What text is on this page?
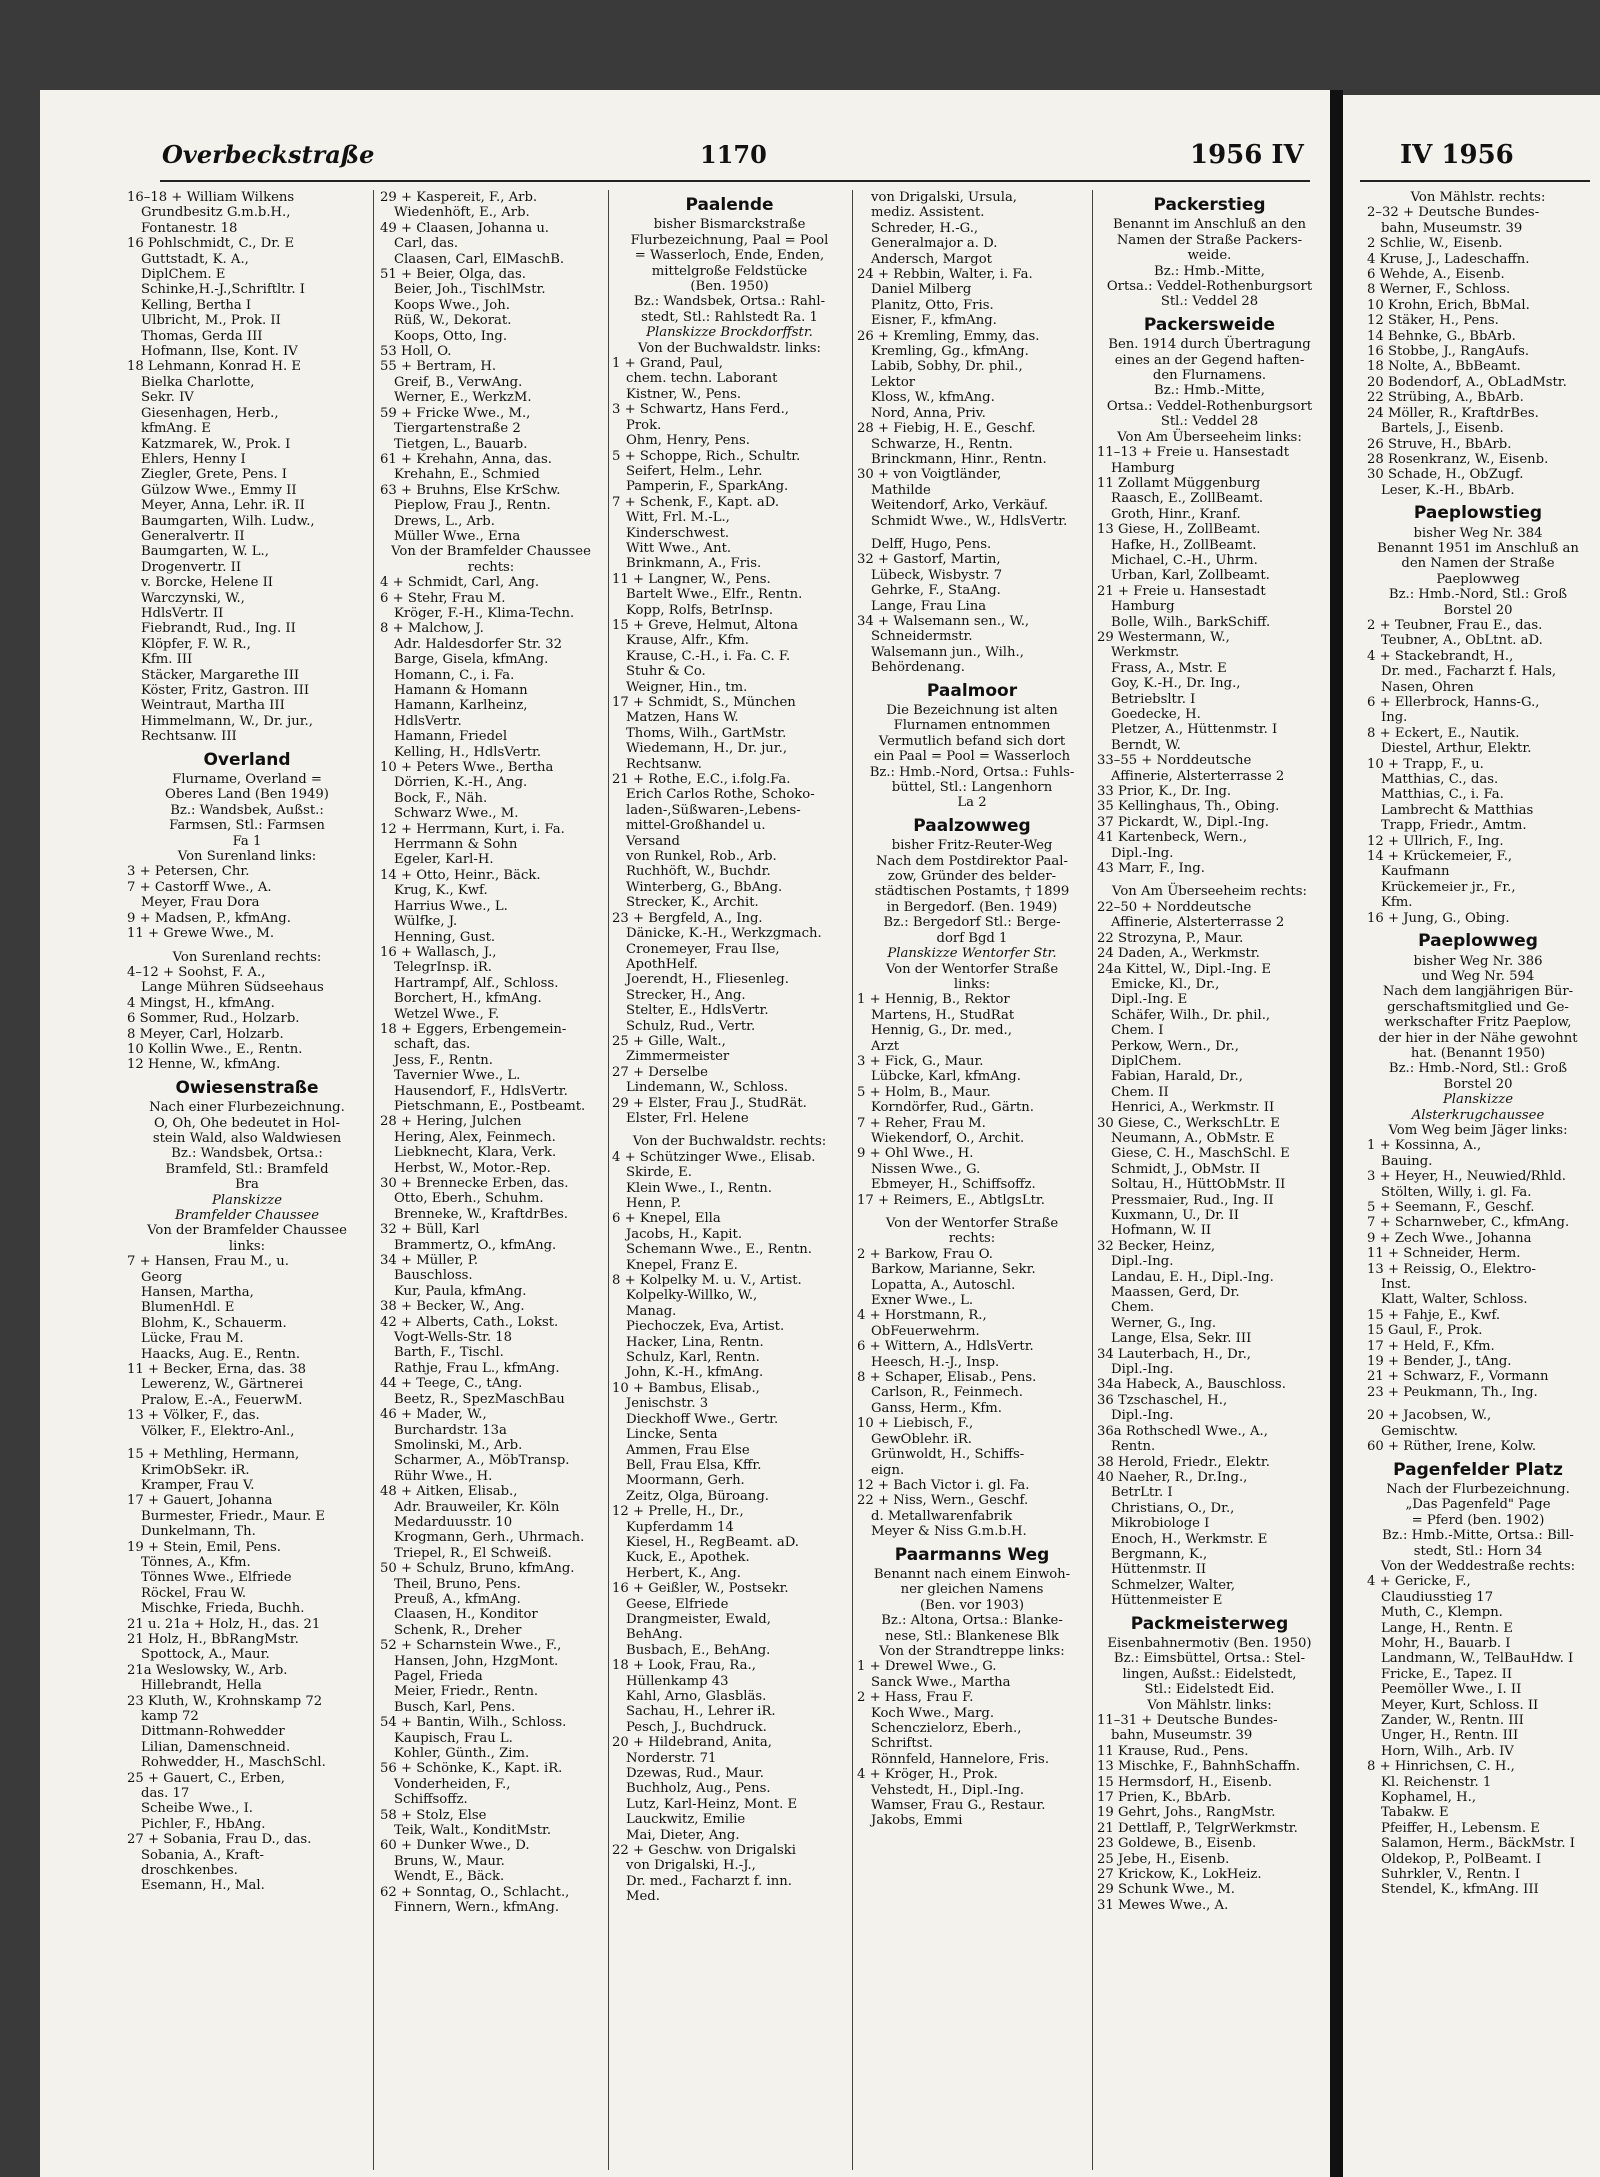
Overbeckstraße	1170	1956 IV	IV 1956
16–18 + William Wilkens
Grundbesitz G.m.b.H.,
Fontanestr. 18
16 Pohlschmidt, C., Dr. E
Guttstadt, K. A.,
DiplChem. E
Schinke,H.-J.,Schriftltr. I
Kelling, Bertha I
Ulbricht, M., Prok. II
Thomas, Gerda III
Hofmann, Ilse, Kont. IV
18 Lehmann, Konrad H. E
Bielka Charlotte,
Sekr. IV
Giesenhagen, Herb.,
kfmAng. E
Katzmarek, W., Prok. I
Ehlers, Henny I
Ziegler, Grete, Pens. I
Gülzow Wwe., Emmy II
Meyer, Anna, Lehr. iR. II
Baumgarten, Wilh. Ludw.,
Generalvertr. II
Baumgarten, W. L.,
Drogenvertr. II
v. Borcke, Helene II
Warczynski, W.,
HdlsVertr. II
Fiebrandt, Rud., Ing. II
Klöpfer, F. W. R.,
Kfm. III
Stäcker, Margarethe III
Köster, Fritz, Gastron. III
Weintraut, Martha III
Himmelmann, W., Dr. jur.,
Rechtsanw. III
Overland
Flurname, Overland =
Oberes Land (Ben 1949)
Bz.: Wandsbek, Außst.:
Farmsen, Stl.: Farmsen
Fa 1
Von Surenland links:
3 + Petersen, Chr.
7 + Castorff Wwe., A.
Meyer, Frau Dora
9 + Madsen, P., kfmAng.
11 + Grewe Wwe., M.
Von Surenland rechts:
4–12 + Soohst, F. A.,
Lange Mühren Südseehaus
4 Mingst, H., kfmAng.
6 Sommer, Rud., Holzarb.
8 Meyer, Carl, Holzarb.
10 Kollin Wwe., E., Rentn.
12 Henne, W., kfmAng.
Owiesenstraße
Nach einer Flurbezeichnung.
O, Oh, Ohe bedeutet in Hol-
stein Wald, also Waldwiesen
Bz.: Wandsbek, Ortsa.:
Bramfeld, Stl.: Bramfeld
Bra
Planskizze
Bramfelder Chaussee
Von der Bramfelder Chaussee
links:
7 + Hansen, Frau M., u.
Georg
Hansen, Martha,
BlumenHdl. E
Blohm, K., Schauerm.
Lücke, Frau M.
Haacks, Aug. E., Rentn.
11 + Becker, Erna, das. 38
Lewerenz, W., Gärtnerei
Pralow, E.-A., FeuerwM.
13 + Völker, F., das.
Völker, F., Elektro-Anl.,
15 + Methling, Hermann,
KrimObSekr. iR.
Kramper, Frau V.
17 + Gauert, Johanna
Burmester, Friedr., Maur. E
Dunkelmann, Th.
19 + Stein, Emil, Pens.
Tönnes, A., Kfm.
Tönnes Wwe., Elfriede
Röckel, Frau W.
Mischke, Frieda, Buchh.
21 u. 21a + Holz, H., das. 21
21 Holz, H., BbRangMstr.
Spottock, A., Maur.
21a Weslowsky, W., Arb.
Hillebrandt, Hella
23 Kluth, W., Krohnskamp 72
kamp 72
Dittmann-Rohwedder
Lilian, Damenschneid.
Rohwedder, H., MaschSchl.
25 + Gauert, C., Erben,
das. 17
Scheibe Wwe., I.
Pichler, F., HbAng.
27 + Sobania, Frau D., das.
Sobania, A., Kraft-
droschkenbes.
Esemann, H., Mal.
29 + Kaspereit, F., Arb.
Wiedenhöft, E., Arb.
49 + Claasen, Johanna u.
Carl, das.
Claasen, Carl, ElMaschB.
51 + Beier, Olga, das.
Beier, Joh., TischlMstr.
Koops Wwe., Joh.
Rüß, W., Dekorat.
Koops, Otto, Ing.
53 Holl, O.
55 + Bertram, H.
Greif, B., VerwAng.
Werner, E., WerkzM.
59 + Fricke Wwe., M.,
Tiergartenstraße 2
Tietgen, L., Bauarb.
61 + Krehahn, Anna, das.
Krehahn, E., Schmied
63 + Bruhns, Else KrSchw.
Pieplow, Frau J., Rentn.
Drews, L., Arb.
Müller Wwe., Erna
Von der Bramfelder Chaussee
rechts:
4 + Schmidt, Carl, Ang.
6 + Stehr, Frau M.
Kröger, F.-H., Klima-Techn.
8 + Malchow, J.
Adr. Haldesdorfer Str. 32
Barge, Gisela, kfmAng.
Homann, C., i. Fa.
Hamann & Homann
Hamann, Karlheinz,
HdlsVertr.
Hamann, Friedel
Kelling, H., HdlsVertr.
10 + Peters Wwe., Bertha
Dörrien, K.-H., Ang.
Bock, F., Näh.
Schwarz Wwe., M.
12 + Herrmann, Kurt, i. Fa.
Herrmann & Sohn
Egeler, Karl-H.
14 + Otto, Heinr., Bäck.
Krug, K., Kwf.
Harrius Wwe., L.
Wülfke, J.
Henning, Gust.
16 + Wallasch, J.,
TelegrInsp. iR.
Hartrampf, Alf., Schloss.
Borchert, H., kfmAng.
Wetzel Wwe., F.
18 + Eggers, Erbengemein-
schaft, das.
Jess, F., Rentn.
Tavernier Wwe., L.
Hausendorf, F., HdlsVertr.
Pietschmann, E., Postbeamt.
28 + Hering, Julchen
Hering, Alex, Feinmech.
Liebknecht, Klara, Verk.
Herbst, W., Motor.-Rep.
30 + Brennecke Erben, das.
Otto, Eberh., Schuhm.
Brenneke, W., KraftdrBes.
32 + Büll, Karl
Brammertz, O., kfmAng.
34 + Müller, P.
Bauschloss.
Kur, Paula, kfmAng.
38 + Becker, W., Ang.
42 + Alberts, Cath., Lokst.
Vogt-Wells-Str. 18
Barth, F., Tischl.
Rathje, Frau L., kfmAng.
44 + Teege, C., tAng.
Beetz, R., SpezMaschBau
46 + Mader, W.,
Burchardstr. 13a
Smolinski, M., Arb.
Scharmer, A., MöbTransp.
Rühr Wwe., H.
48 + Aitken, Elisab.,
Adr. Brauweiler, Kr. Köln
Medarduusstr. 10
Krogmann, Gerh., Uhrmach.
Triepel, R., El Schweiß.
50 + Schulz, Bruno, kfmAng.
Theil, Bruno, Pens.
Preuß, A., kfmAng.
Claasen, H., Konditor
Schenk, R., Dreher
52 + Scharnstein Wwe., F.,
Hansen, John, HzgMont.
Pagel, Frieda
Meier, Friedr., Rentn.
Busch, Karl, Pens.
54 + Bantin, Wilh., Schloss.
Kaupisch, Frau L.
Kohler, Günth., Zim.
56 + Schönke, K., Kapt. iR.
Vonderheiden, F.,
Schiffsoffz.
58 + Stolz, Else
Teik, Walt., KonditMstr.
60 + Dunker Wwe., D.
Bruns, W., Maur.
Wendt, E., Bäck.
62 + Sonntag, O., Schlacht.,
Finnern, Wern., kfmAng.
Paalende
bisher Bismarckstraße
Flurbezeichnung, Paal = Pool
= Wasserloch, Ende, Enden,
mittelgroße Feldstücke
(Ben. 1950)
Bz.: Wandsbek, Ortsa.: Rahl-
stedt, Stl.: Rahlstedt Ra. 1
Planskizze Brockdorffstr.
Von der Buchwaldstr. links:
1 + Grand, Paul,
chem. techn. Laborant
Kistner, W., Pens.
3 + Schwartz, Hans Ferd.,
Prok.
Ohm, Henry, Pens.
5 + Schoppe, Rich., Schultr.
Seifert, Helm., Lehr.
Pamperin, F., SparkAng.
7 + Schenk, F., Kapt. aD.
Witt, Frl. M.-L.,
Kinderschwest.
Witt Wwe., Ant.
Brinkmann, A., Fris.
11 + Langner, W., Pens.
Bartelt Wwe., Elfr., Rentn.
Kopp, Rolfs, BetrInsp.
15 + Greve, Helmut, Altona
Krause, Alfr., Kfm.
Krause, C.-H., i. Fa. C. F.
Stuhr & Co.
Weigner, Hin., tm.
17 + Schmidt, S., München
Matzen, Hans W.
Thoms, Wilh., GartMstr.
Wiedemann, H., Dr. jur.,
Rechtsanw.
21 + Rothe, E.C., i.folg.Fa.
Erich Carlos Rothe, Schoko-
laden-,Süßwaren-,Lebens-
mittel-Großhandel u.
Versand
von Runkel, Rob., Arb.
Ruchhöft, W., Buchdr.
Winterberg, G., BbAng.
Strecker, K., Archit.
23 + Bergfeld, A., Ing.
Dänicke, K.-H., Werkzgmach.
Cronemeyer, Frau Ilse,
ApothHelf.
Joerendt, H., Fliesenleg.
Strecker, H., Ang.
Stelter, E., HdlsVertr.
Schulz, Rud., Vertr.
25 + Gille, Walt.,
Zimmermeister
27 + Derselbe
Lindemann, W., Schloss.
29 + Elster, Frau J., StudRät.
Elster, Frl. Helene
Von der Buchwaldstr. rechts:
4 + Schützinger Wwe., Elisab.
Skirde, E.
Klein Wwe., I., Rentn.
Henn, P.
6 + Knepel, Ella
Jacobs, H., Kapit.
Schemann Wwe., E., Rentn.
Knepel, Franz E.
8 + Kolpelky M. u. V., Artist.
Kolpelky-Willko, W.,
Manag.
Piechoczek, Eva, Artist.
Hacker, Lina, Rentn.
Schulz, Karl, Rentn.
John, K.-H., kfmAng.
10 + Bambus, Elisab.,
Jenischstr. 3
Dieckhoff Wwe., Gertr.
Lincke, Senta
Ammen, Frau Else
Bell, Frau Elsa, Kffr.
Moormann, Gerh.
Zeitz, Olga, Büroang.
12 + Prelle, H., Dr.,
Kupferdamm 14
Kiesel, H., RegBeamt. aD.
Kuck, E., Apothek.
Herbert, K., Ang.
16 + Geißler, W., Postsekr.
Geese, Elfriede
Drangmeister, Ewald,
BehAng.
Busbach, E., BehAng.
18 + Look, Frau, Ra.,
Hüllenkamp 43
Kahl, Arno, Glasbläs.
Sachau, H., Lehrer iR.
Pesch, J., Buchdruck.
20 + Hildebrand, Anita,
Norderstr. 71
Dzewas, Rud., Maur.
Buchholz, Aug., Pens.
Lutz, Karl-Heinz, Mont. E
Lauckwitz, Emilie
Mai, Dieter, Ang.
22 + Geschw. von Drigalski
von Drigalski, H.-J.,
Dr. med., Facharzt f. inn.
Med.
von Drigalski, Ursula,
mediz. Assistent.
Schreder, H.-G.,
Generalmajor a. D.
Andersch, Margot
24 + Rebbin, Walter, i. Fa.
Daniel Milberg
Planitz, Otto, Fris.
Eisner, F., kfmAng.
26 + Kremling, Emmy, das.
Kremling, Gg., kfmAng.
Labib, Sobhy, Dr. phil.,
Lektor
Kloss, W., kfmAng.
Nord, Anna, Priv.
28 + Fiebig, H. E., Geschf.
Schwarze, H., Rentn.
Brinckmann, Hinr., Rentn.
30 + von Voigtländer,
Mathilde
Weitendorf, Arko, Verkäuf.
Schmidt Wwe., W., HdlsVertr.
Delff, Hugo, Pens.
32 + Gastorf, Martin,
Lübeck, Wisbystr. 7
Gehrke, F., StaAng.
Lange, Frau Lina
34 + Walsemann sen., W.,
Schneidermstr.
Walsemann jun., Wilh.,
Behördenang.
Paalmoor
Die Bezeichnung ist alten
Flurnamen entnommen
Vermutlich befand sich dort
ein Paal = Pool = Wasserloch
Bz.: Hmb.-Nord, Ortsa.: Fuhls-
büttel, Stl.: Langenhorn
La 2
Paalzowweg
bisher Fritz-Reuter-Weg
Nach dem Postdirektor Paal-
zow, Gründer des belder-
städtischen Postamts, † 1899
in Bergedorf. (Ben. 1949)
Bz.: Bergedorf Stl.: Berge-
dorf Bgd 1
Planskizze Wentorfer Str.
Von der Wentorfer Straße
links:
1 + Hennig, B., Rektor
Martens, H., StudRat
Hennig, G., Dr. med.,
Arzt
3 + Fick, G., Maur.
Lübcke, Karl, kfmAng.
5 + Holm, B., Maur.
Korndörfer, Rud., Gärtn.
7 + Reher, Frau M.
Wiekendorf, O., Archit.
9 + Ohl Wwe., H.
Nissen Wwe., G.
Ebmeyer, H., Schiffsoffz.
17 + Reimers, E., AbtlgsLtr.
Von der Wentorfer Straße
rechts:
2 + Barkow, Frau O.
Barkow, Marianne, Sekr.
Lopatta, A., Autoschl.
Exner Wwe., L.
4 + Horstmann, R.,
ObFeuerwehrm.
6 + Wittern, A., HdlsVertr.
Heesch, H.-J., Insp.
8 + Schaper, Elisab., Pens.
Carlson, R., Feinmech.
Ganss, Herm., Kfm.
10 + Liebisch, F.,
GewOblehr. iR.
Grünwoldt, H., Schiffs-
eign.
12 + Bach Victor i. gl. Fa.
22 + Niss, Wern., Geschf.
d. Metallwarenfabrik
Meyer & Niss G.m.b.H.
Paarmanns Weg
Benannt nach einem Einwoh-
ner gleichen Namens
(Ben. vor 1903)
Bz.: Altona, Ortsa.: Blanke-
nese, Stl.: Blankenese Blk
Von der Strandtreppe links:
1 + Drewel Wwe., G.
Sanck Wwe., Martha
2 + Hass, Frau F.
Koch Wwe., Marg.
Schenczielorz, Eberh.,
Schriftst.
Rönnfeld, Hannelore, Fris.
4 + Kröger, H., Prok.
Vehstedt, H., Dipl.-Ing.
Wamser, Frau G., Restaur.
Jakobs, Emmi
Packerstieg
Benannt im Anschluß an den
Namen der Straße Packers-
weide.
Bz.: Hmb.-Mitte,
Ortsa.: Veddel-Rothenburgsort
Stl.: Veddel 28
Packersweide
Ben. 1914 durch Übertragung
eines an der Gegend haften-
den Flurnamens.
Bz.: Hmb.-Mitte,
Ortsa.: Veddel-Rothenburgsort
Stl.: Veddel 28
Von Am Überseeheim links:
11–13 + Freie u. Hansestadt
Hamburg
11 Zollamt Müggenburg
Raasch, E., ZollBeamt.
Groth, Hinr., Kranf.
13 Giese, H., ZollBeamt.
Hafke, H., ZollBeamt.
Michael, C.-H., Uhrm.
Urban, Karl, Zollbeamt.
21 + Freie u. Hansestadt
Hamburg
Bolle, Wilh., BarkSchiff.
29 Westermann, W.,
Werkmstr.
Frass, A., Mstr. E
Goy, K.-H., Dr. Ing.,
Betriebsltr. I
Goedecke, H.
Pletzer, A., Hüttenmstr. I
Berndt, W.
33–55 + Norddeutsche
Affinerie, Alsterterrasse 2
33 Prior, K., Dr. Ing.
35 Kellinghaus, Th., Obing.
37 Pickardt, W., Dipl.-Ing.
41 Kartenbeck, Wern.,
Dipl.-Ing.
43 Marr, F., Ing.
Von Am Überseeheim rechts:
22–50 + Norddeutsche
Affinerie, Alsterterrasse 2
22 Strozyna, P., Maur.
24 Daden, A., Werkmstr.
24a Kittel, W., Dipl.-Ing. E
Emicke, Kl., Dr.,
Dipl.-Ing. E
Schäfer, Wilh., Dr. phil.,
Chem. I
Perkow, Wern., Dr.,
DiplChem.
Fabian, Harald, Dr.,
Chem. II
Henrici, A., Werkmstr. II
30 Giese, C., WerkschLtr. E
Neumann, A., ObMstr. E
Giese, C. H., MaschSchl. E
Schmidt, J., ObMstr. II
Soltau, H., HüttObMstr. II
Pressmaier, Rud., Ing. II
Kuxmann, U., Dr. II
Hofmann, W. II
32 Becker, Heinz,
Dipl.-Ing.
Landau, E. H., Dipl.-Ing.
Maassen, Gerd, Dr.
Chem.
Werner, G., Ing.
Lange, Elsa, Sekr. III
34 Lauterbach, H., Dr.,
Dipl.-Ing.
34a Habeck, A., Bauschloss.
36 Tzschaschel, H.,
Dipl.-Ing.
36a Rothschedl Wwe., A.,
Rentn.
38 Herold, Friedr., Elektr.
40 Naeher, R., Dr.Ing.,
BetrLtr. I
Christians, O., Dr.,
Mikrobiologe I
Enoch, H., Werkmstr. E
Bergmann, K.,
Hüttenmstr. II
Schmelzer, Walter,
Hüttenmeister E
Packmeisterweg
Eisenbahnermotiv (Ben. 1950)
Bz.: Eimsbüttel, Ortsa.: Stel-
lingen, Außst.: Eidelstedt,
Stl.: Eidelstedt Eid.
Von Mählstr. links:
11–31 + Deutsche Bundes-
bahn, Museumstr. 39
11 Krause, Rud., Pens.
13 Mischke, F., BahnhSchaffn.
15 Hermsdorf, H., Eisenb.
17 Prien, K., BbArb.
19 Gehrt, Johs., RangMstr.
21 Dettlaff, P., TelgrWerkmstr.
23 Goldewe, B., Eisenb.
25 Jebe, H., Eisenb.
27 Krickow, K., LokHeiz.
29 Schunk Wwe., M.
31 Mewes Wwe., A.
Von Mählstr. rechts:
2–32 + Deutsche Bundes-
bahn, Museumstr. 39
2 Schlie, W., Eisenb.
4 Kruse, J., Ladeschaffn.
6 Wehde, A., Eisenb.
8 Werner, F., Schloss.
10 Krohn, Erich, BbMal.
12 Stäker, H., Pens.
14 Behnke, G., BbArb.
16 Stobbe, J., RangAufs.
18 Nolte, A., BbBeamt.
20 Bodendorf, A., ObLadMstr.
22 Strübing, A., BbArb.
24 Möller, R., KraftdrBes.
Bartels, J., Eisenb.
26 Struve, H., BbArb.
28 Rosenkranz, W., Eisenb.
30 Schade, H., ObZugf.
Leser, K.-H., BbArb.
Paeplowstieg
bisher Weg Nr. 384
Benannt 1951 im Anschluß an
den Namen der Straße
Paeplowweg
Bz.: Hmb.-Nord, Stl.: Groß
Borstel 20
2 + Teubner, Frau E., das.
Teubner, A., ObLtnt. aD.
4 + Stackebrandt, H.,
Dr. med., Facharzt f. Hals,
Nasen, Ohren
6 + Ellerbrock, Hanns-G.,
Ing.
8 + Eckert, E., Nautik.
Diestel, Arthur, Elektr.
10 + Trapp, F., u.
Matthias, C., das.
Matthias, C., i. Fa.
Lambrecht & Matthias
Trapp, Friedr., Amtm.
12 + Ullrich, F., Ing.
14 + Krückemeier, F.,
Kaufmann
Krückemeier jr., Fr.,
Kfm.
16 + Jung, G., Obing.
Paeplowweg
bisher Weg Nr. 386
und Weg Nr. 594
Nach dem langjährigen Bür-
gerschaftsmitglied und Ge-
werkschafter Fritz Paeplow,
der hier in der Nähe gewohnt
hat. (Benannt 1950)
Bz.: Hmb.-Nord, Stl.: Groß
Borstel 20
Planskizze
Alsterkrugchaussee
Vom Weg beim Jäger links:
1 + Kossinna, A.,
Bauing.
3 + Heyer, H., Neuwied/Rhld.
Stölten, Willy, i. gl. Fa.
5 + Seemann, F., Geschf.
7 + Scharnweber, C., kfmAng.
9 + Zech Wwe., Johanna
11 + Schneider, Herm.
13 + Reissig, O., Elektro-
Inst.
Klatt, Walter, Schloss.
15 + Fahje, E., Kwf.
15 Gaul, F., Prok.
17 + Held, F., Kfm.
19 + Bender, J., tAng.
21 + Schwarz, F., Vormann
23 + Peukmann, Th., Ing.
20 + Jacobsen, W.,
Gemischtw.
60 + Rüther, Irene, Kolw.
Pagenfelder Platz
Nach der Flurbezeichnung.
„Das Pagenfeld" Page
= Pferd (ben. 1902)
Bz.: Hmb.-Mitte, Ortsa.: Bill-
stedt, Stl.: Horn 34
Von der Weddestraße rechts:
4 + Gericke, F.,
Claudiusstieg 17
Muth, C., Klempn.
Lange, H., Rentn. E
Mohr, H., Bauarb. I
Landmann, W., TelBauHdw. I
Fricke, E., Tapez. II
Peemöller Wwe., I. II
Meyer, Kurt, Schloss. II
Zander, W., Rentn. III
Unger, H., Rentn. III
Horn, Wilh., Arb. IV
8 + Hinrichsen, C. H.,
Kl. Reichenstr. 1
Kophamel, H.,
Tabakw. E
Pfeiffer, H., Lebensm. E
Salamon, Herm., BäckMstr. I
Oldekop, P., PolBeamt. I
Suhrkler, V., Rentn. I
Stendel, K., kfmAng. III
